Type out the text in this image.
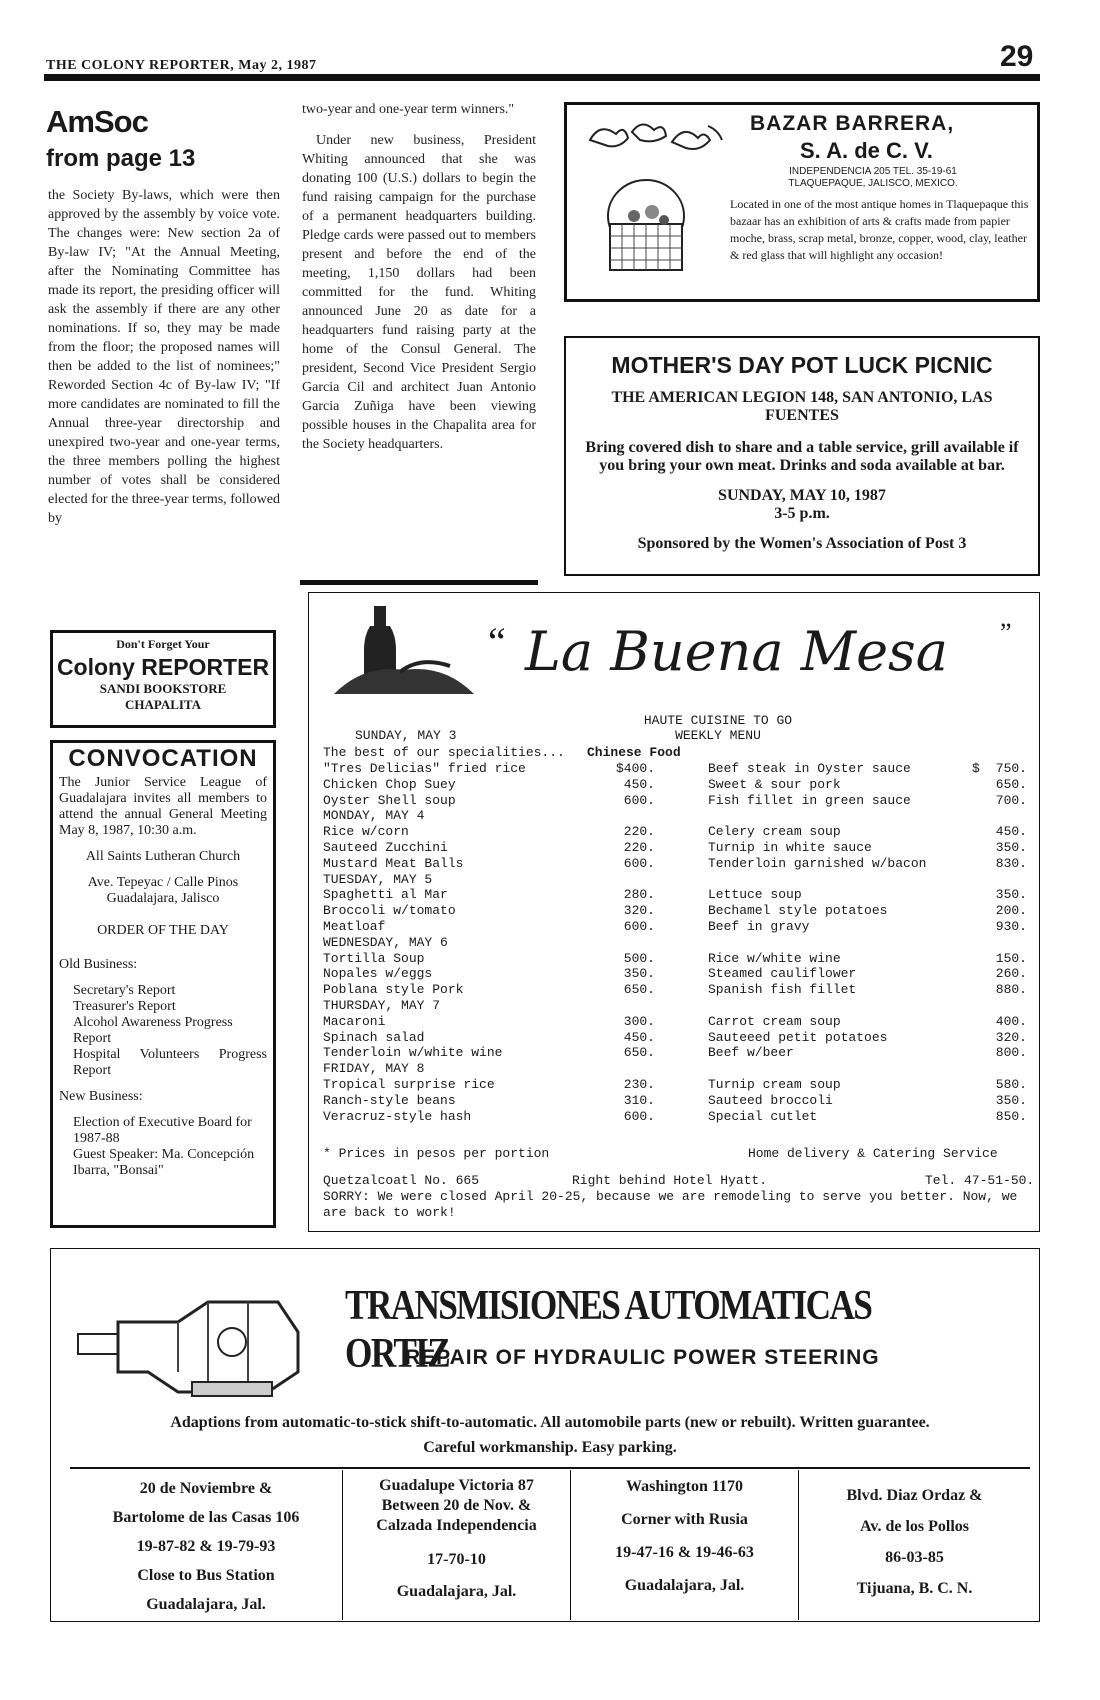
THE COLONY REPORTER, May 2, 1987	29
AmSoc
from page 13
the Society By-laws, which were then approved by the assembly by voice vote. The changes were: New section 2a of By-law IV; "At the Annual Meeting, after the Nominating Committee has made its report, the presiding officer will ask the assembly if there are any other nominations. If so, they may be made from the floor; the proposed names will then be added to the list of nominees;" Reworded Section 4c of By-law IV; "If more candidates are nominated to fill the Annual three-year directorship and unexpired two-year and one-year terms, the three members polling the highest number of votes shall be considered elected for the three-year terms, followed by

two-year and one-year term winners."

Under new business, President Whiting announced that she was donating 100 (U.S.) dollars to begin the fund raising campaign for the purchase of a permanent headquarters building. Pledge cards were passed out to members present and before the end of the meeting, 1,150 dollars had been committed for the fund. Whiting announced June 20 as date for a headquarters fund raising party at the home of the Consul General. The president, Second Vice President Sergio Garcia Cil and architect Juan Antonio Garcia Zuñiga have been viewing possible houses in the Chapalita area for the Society headquarters.

Don't Forget Your
Colony REPORTER
SANDI BOOKSTORE
CHAPALITA
CONVOCATION
The Junior Service League of Guadalajara invites all members to attend the annual General Meeting May 8, 1987, 10:30 a.m.
All Saints Lutheran Church
Ave. Tepeyac / Calle Pinos Guadalajara, Jalisco
ORDER OF THE DAY
Old Business:
Secretary's Report
Treasurer's Report
Alcohol Awareness Progress Report
Hospital Volunteers Progress Report
New Business:
Election of Executive Board for 1987-88
Guest Speaker: Ma. Concepción Ibarra, "Bonsai"
BAZAR BARRERA,
S. A. de C. V.
INDEPENDENCIA 205 TEL. 35-19-61
TLAQUEPAQUE, JALISCO, MEXICO.
Located in one of the most antique homes in Tlaquepaque this bazaar has an exhibition of arts & crafts made from papier moche, brass, scrap metal, bronze, copper, wood, clay, leather & red glass that will highlight any occasion!
MOTHER'S DAY POT LUCK PICNIC
THE AMERICAN LEGION 148, SAN ANTONIO, LAS FUENTES
Bring covered dish to share and a table service, grill available if you bring your own meat. Drinks and soda available at bar.
SUNDAY, MAY 10, 1987
3-5 p.m.
Sponsored by the Women's Association of Post 3
“ La Buena Mesa ”
SUNDAY, MAY 3
HAUTE CUISINE TO GO
WEEKLY MENU
The best of our specialities... Chinese Food
"Tres Delicias" fried rice	$400.	Beef steak in Oyster sauce	$	750.
Chicken Chop Suey	450.	Sweet & sour pork	650.
Oyster Shell soup	600.	Fish fillet in green sauce	700.
MONDAY, MAY 4
Rice w/corn	220.	Celery cream soup	450.
Sauteed Zucchini	220.	Turnip in white sauce	350.
Mustard Meat Balls	600.	Tenderloin garnished w/bacon	830.
TUESDAY, MAY 5
Spaghetti al Mar	280.	Lettuce soup	350.
Broccoli w/tomato	320.	Bechamel style potatoes	200.
Meatloaf	600.	Beef in gravy	930.
WEDNESDAY, MAY 6
Tortilla Soup	500.	Rice w/white wine	150.
Nopales w/eggs	350.	Steamed cauliflower	260.
Poblana style Pork	650.	Spanish fish fillet	880.
THURSDAY, MAY 7
Macaroni	300.	Carrot cream soup	400.
Spinach salad	450.	Sauteeed petit potatoes	320.
Tenderloin w/white wine	650.	Beef w/beer	800.
FRIDAY, MAY 8
Tropical surprise rice	230.	Turnip cream soup	580.
Ranch-style beans	310.	Sauteed broccoli	350.
Veracruz-style hash	600.	Special cutlet	850.
* Prices in pesos per portion	Home delivery & Catering Service
Quetzalcoatl No. 665	Right behind Hotel Hyatt.	Tel. 47-51-50.
SORRY: We were closed April 20-25, because we are remodeling to serve you better. Now, we are back to work!
TRANSMISIONES AUTOMATICAS ORTIZ
REPAIR OF HYDRAULIC POWER STEERING
Adaptions from automatic-to-stick shift-to-automatic. All automobile parts (new or rebuilt). Written guarantee. Careful workmanship. Easy parking.
20 de Noviembre &
Bartolome de las Casas 106
19-87-82 & 19-79-93
Close to Bus Station
Guadalajara, Jal.
Guadalupe Victoria 87
Between 20 de Nov. &
Calzada Independencia
17-70-10
Guadalajara, Jal.
Washington 1170
Corner with Rusia
19-47-16 & 19-46-63
Guadalajara, Jal.
Blvd. Diaz Ordaz &
Av. de los Pollos
86-03-85
Tijuana, B. C. N.
